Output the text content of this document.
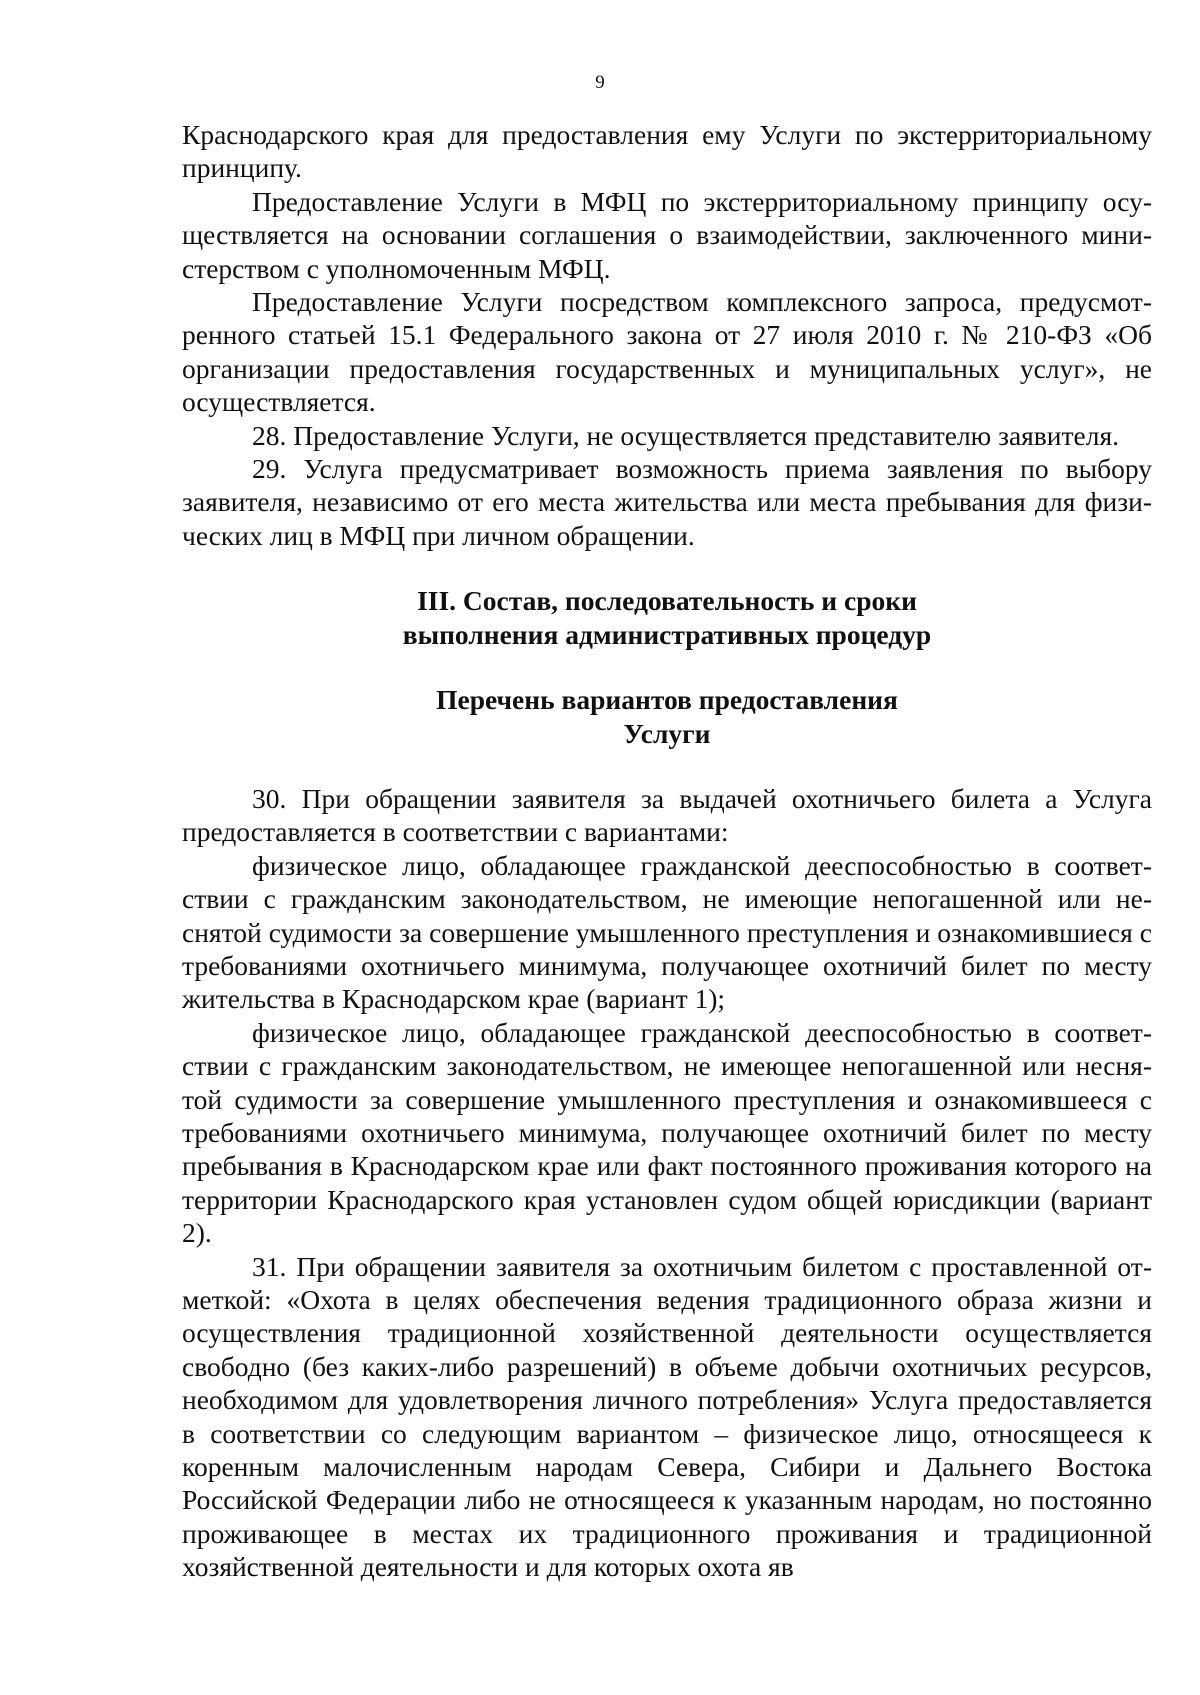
9

Краснодарского края для предоставления ему Услуги по экстерриториальному принципу.

Предоставление Услуги в МФЦ по экстерриториальному принципу осуществляется на основании соглашения о взаимодействии, заключенного министерством с уполномоченным МФЦ.

Предоставление Услуги посредством комплексного запроса, предусмотренного статьей 15.1 Федерального закона от 27 июля 2010 г. № 210-ФЗ «Об организации предоставления государственных и муниципальных услуг», не осуществляется.

28. Предоставление Услуги, не осуществляется представителю заявителя.

29. Услуга предусматривает возможность приема заявления по выбору заявителя, независимо от его места жительства или места пребывания для физических лиц в МФЦ при личном обращении.

III. Состав, последовательность и сроки
выполнения административных процедур
Перечень вариантов предоставления
Услуги

30. При обращении заявителя за выдачей охотничьего билета а Услуга предоставляется в соответствии с вариантами:

физическое лицо, обладающее гражданской дееспособностью в соответствии с гражданским законодательством, не имеющие непогашенной или неснятой судимости за совершение умышленного преступления и ознакомившиеся с требованиями охотничьего минимума, получающее охотничий билет по месту жительства в Краснодарском крае (вариант 1);

физическое лицо, обладающее гражданской дееспособностью в соответствии с гражданским законодательством, не имеющее непогашенной или неснятой судимости за совершение умышленного преступления и ознакомившееся с требованиями охотничьего минимума, получающее охотничий билет по месту пребывания в Краснодарском крае или факт постоянного проживания которого на территории Краснодарского края установлен судом общей юрисдикции (вариант 2).

31. При обращении заявителя за охотничьим билетом с проставленной отметкой: «Охота в целях обеспечения ведения традиционного образа жизни и осуществления традиционной хозяйственной деятельности осуществляется свободно (без каких-либо разрешений) в объеме добычи охотничьих ресурсов, необходимом для удовлетворения личного потребления» Услуга предоставляется в соответствии со следующим вариантом – физическое лицо, относящееся к коренным малочисленным народам Севера, Сибири и Дальнего Востока Российской Федерации либо не относящееся к указанным народам, но постоянно проживающее в местах их традиционного проживания и традиционной хозяйственной деятельности и для которых охота яв
